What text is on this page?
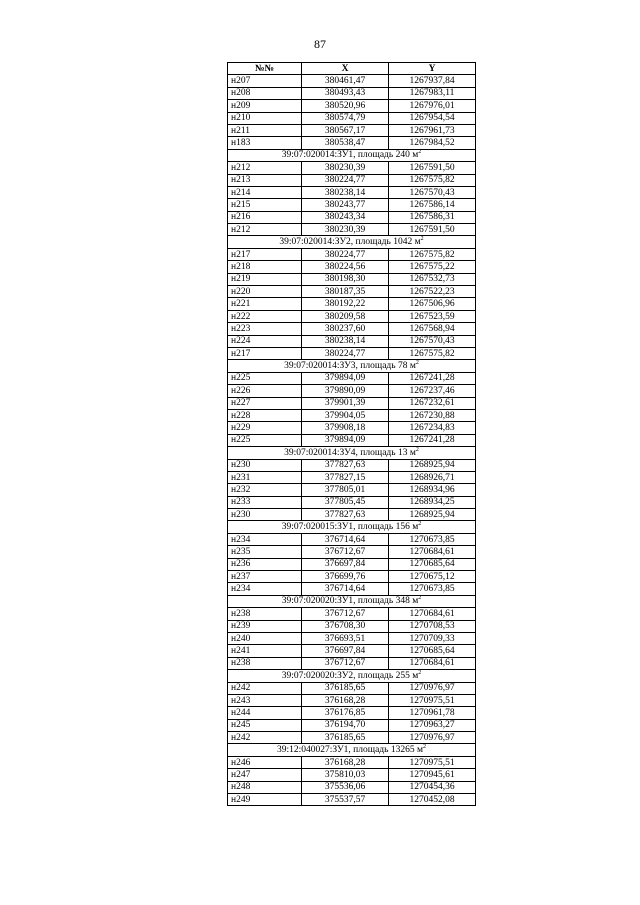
87
№№	X	Y
н207	380461,47	1267937,84
н208	380493,43	1267983,11
н209	380520,96	1267976,01
н210	380574,79	1267954,54
н211	380567,17	1267961,73
н183	380538,47	1267984,52
39:07:020014:ЗУ1, площадь 240 $м^2$
н212	380230,39	1267591,50
н213	380224,77	1267575,82
н214	380238,14	1267570,43
н215	380243,77	1267586,14
н216	380243,34	1267586,31
н212	380230,39	1267591,50
39:07:020014:ЗУ2, площадь 1042 $м^2$
н217	380224,77	1267575,82
н218	380224,56	1267575,22
н219	380198,30	1267532,73
н220	380187,35	1267522,23
н221	380192,22	1267506,96
н222	380209,58	1267523,59
н223	380237,60	1267568,94
н224	380238,14	1267570,43
н217	380224,77	1267575,82
39:07:020014:ЗУ3, площадь 78 $м^2$
н225	379894,09	1267241,28
н226	379890,09	1267237,46
н227	379901,39	1267232,61
н228	379904,05	1267230,88
н229	379908,18	1267234,83
н225	379894,09	1267241,28
39:07:020014:ЗУ4, площадь 13 $м^2$
н230	377827,63	1268925,94
н231	377827,15	1268926,71
н232	377805,01	1268934,96
н233	377805,45	1268934,25
н230	377827,63	1268925,94
39:07:020015:ЗУ1, площадь 156 $м^2$
н234	376714,64	1270673,85
н235	376712,67	1270684,61
н236	376697,84	1270685,64
н237	376699,76	1270675,12
н234	376714,64	1270673,85
39:07:020020:ЗУ1, площадь 348 $м^2$
н238	376712,67	1270684,61
н239	376708,30	1270708,53
н240	376693,51	1270709,33
н241	376697,84	1270685,64
н238	376712,67	1270684,61
39:07:020020:ЗУ2, площадь 255 $м^2$
н242	376185,65	1270976,97
н243	376168,28	1270975,51
н244	376176,85	1270961,78
н245	376194,70	1270963,27
н242	376185,65	1270976,97
39:12:040027:ЗУ1, площадь 13265 $м^2$
н246	376168,28	1270975,51
н247	375810,03	1270945,61
н248	375536,06	1270454,36
н249	375537,57	1270452,08
